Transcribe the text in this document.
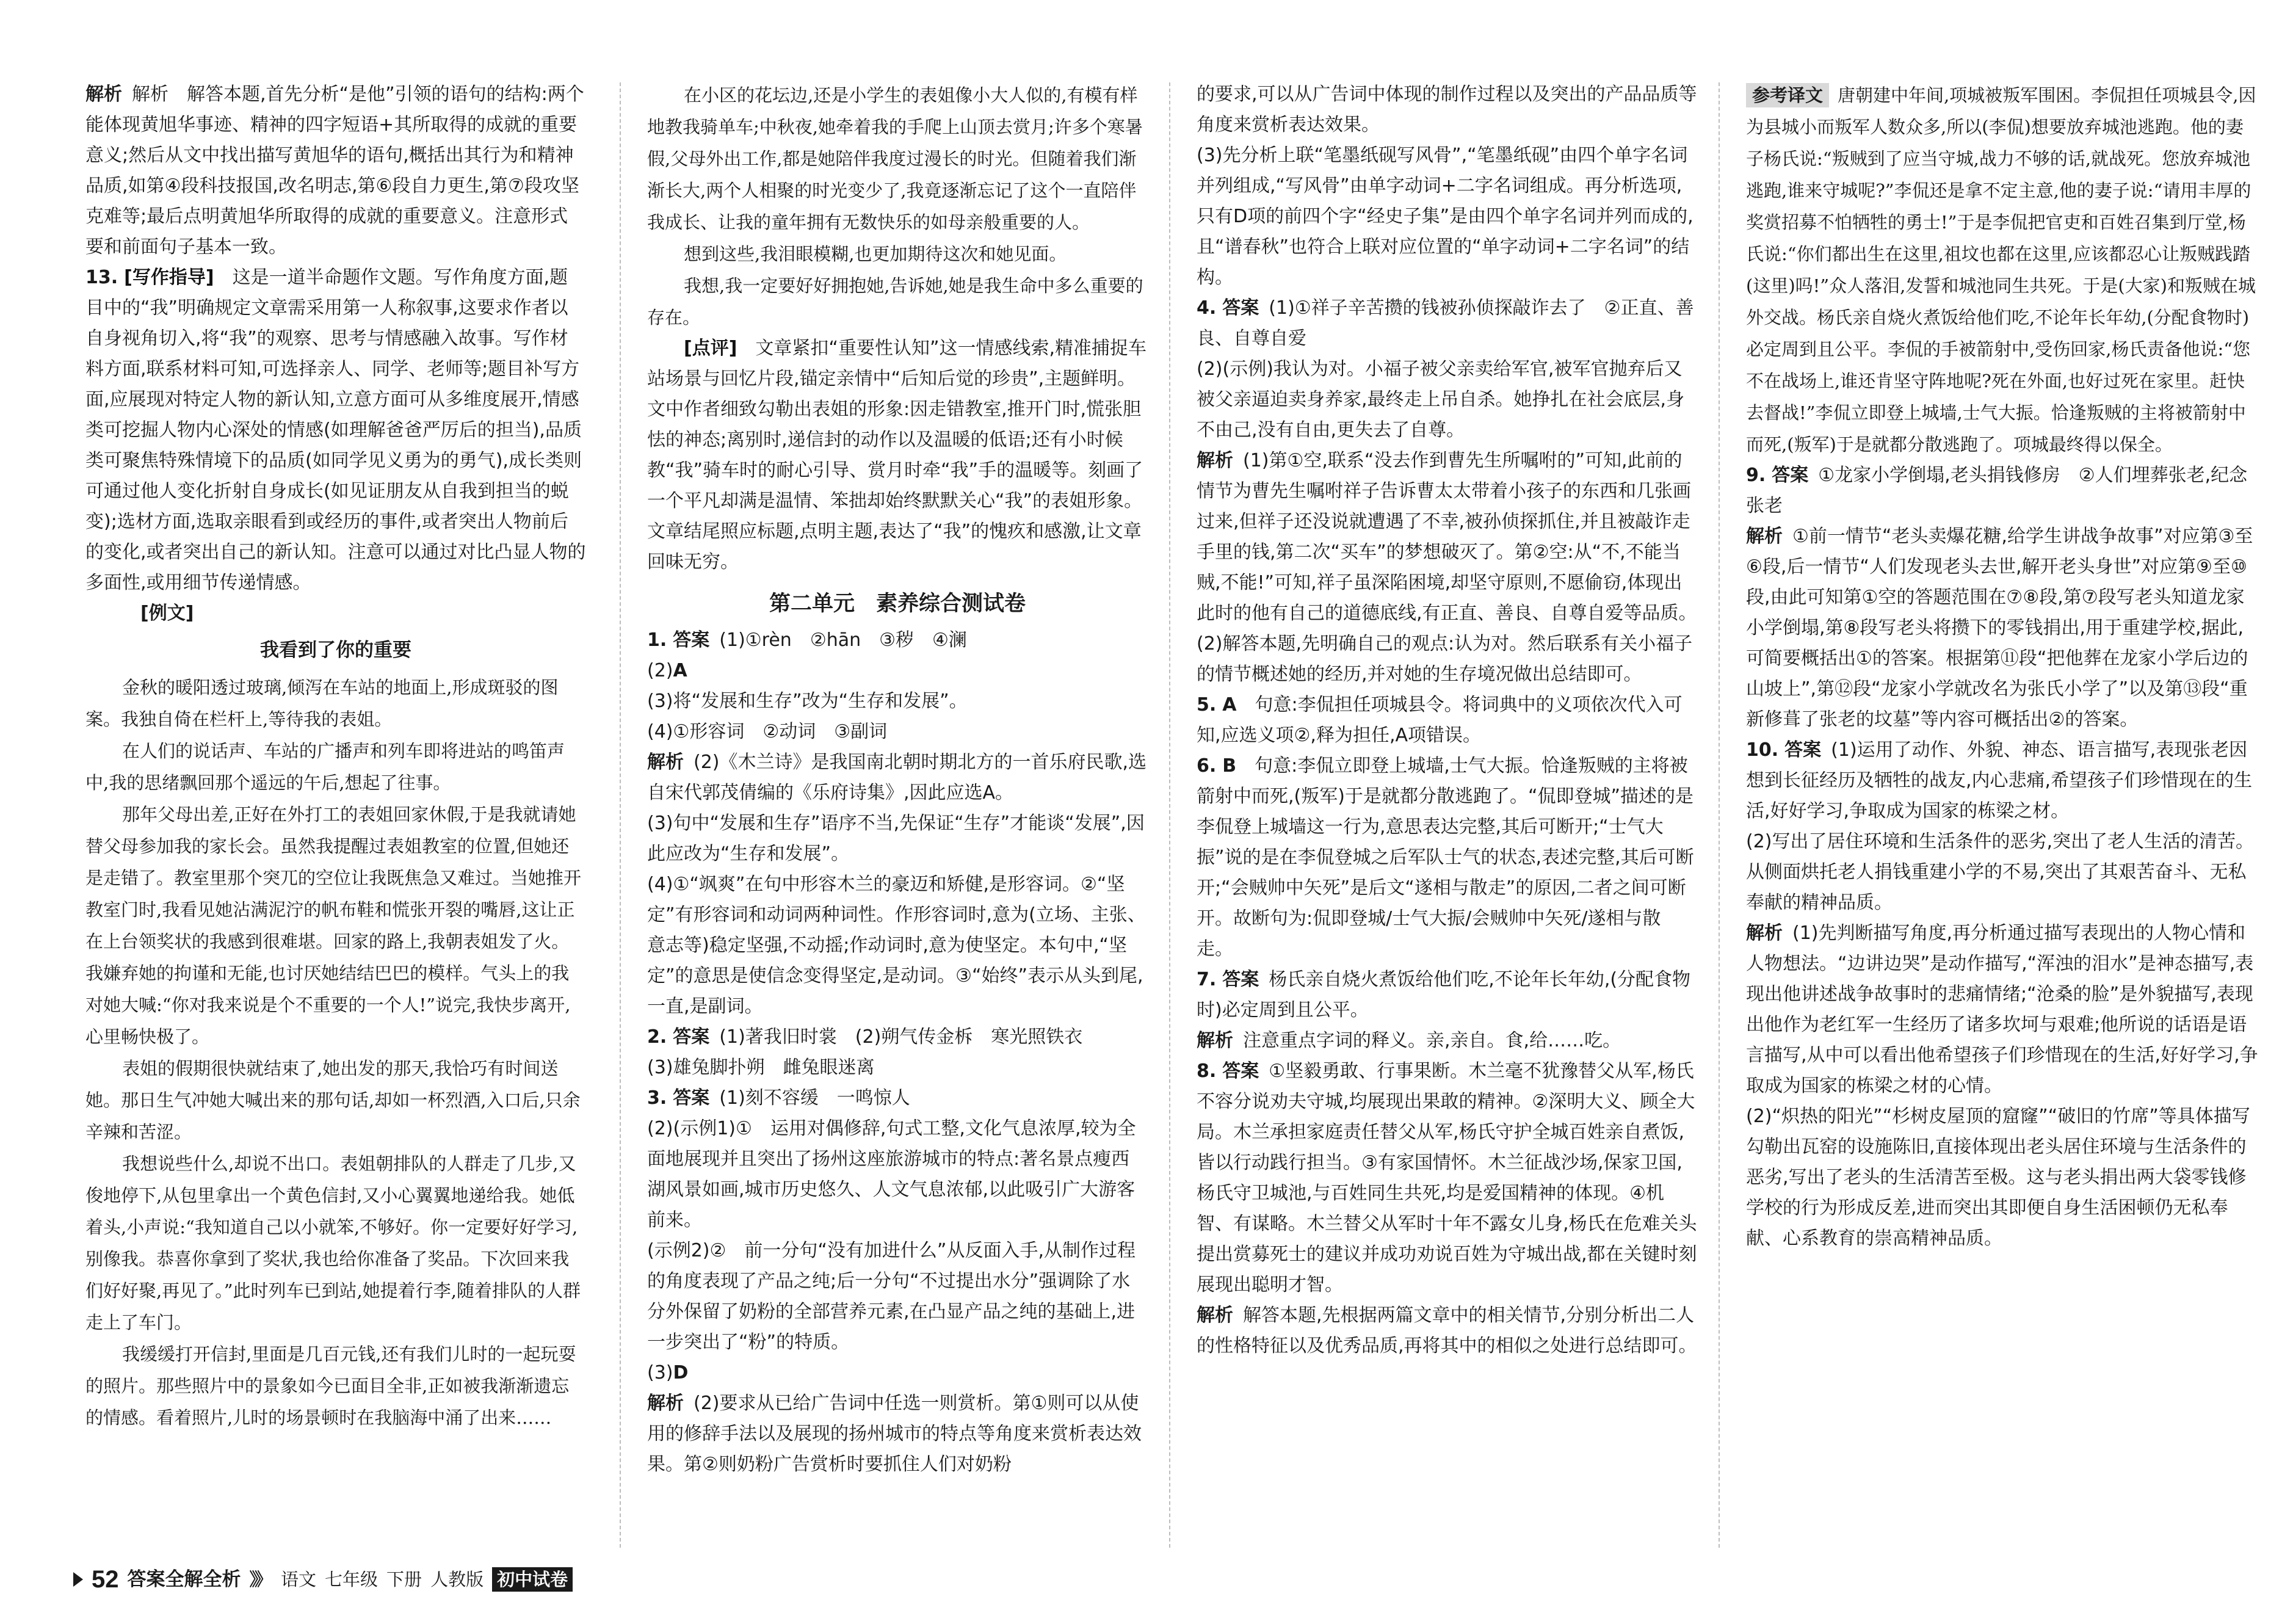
解析 解析　解答本题,首先分析“是他”引领的语句的结构:两个能体现黄旭华事迹、精神的四字短语+其所取得的成就的重要意义;然后从文中找出描写黄旭华的语句,概括出其行为和精神品质,如第④段科技报国,改名明志,第⑥段自力更生,第⑦段攻坚克难等;最后点明黄旭华所取得的成就的重要意义。注意形式要和前面句子基本一致。

13. [写作指导]　 这是一道半命题作文题。写作角度方面,题目中的“我”明确规定文章需采用第一人称叙事,这要求作者以自身视角切入,将“我”的观察、思考与情感融入故事。写作材料方面,联系材料可知,可选择亲人、同学、老师等;题目补写方面,应展现对特定人物的新认知,立意方面可从多维度展开,情感类可挖掘人物内心深处的情感(如理解爸爸严厉后的担当),品质类可聚焦特殊情境下的品质(如同学见义勇为的勇气),成长类则可通过他人变化折射自身成长(如见证朋友从自我到担当的蜕变);选材方面,选取亲眼看到或经历的事件,或者突出人物前后的变化,或者突出自己的新认知。注意可以通过对比凸显人物的多面性,或用细节传递情感。

[例文]

我看到了你的重要

金秋的暖阳透过玻璃,倾泻在车站的地面上,形成斑驳的图案。我独自倚在栏杆上,等待我的表姐。

在人们的说话声、车站的广播声和列车即将进站的鸣笛声中,我的思绪飘回那个遥远的午后,想起了往事。

那年父母出差,正好在外打工的表姐回家休假,于是我就请她替父母参加我的家长会。虽然我提醒过表姐教室的位置,但她还是走错了。教室里那个突兀的空位让我既焦急又难过。当她推开教室门时,我看见她沾满泥泞的帆布鞋和慌张开裂的嘴唇,这让正在上台领奖状的我感到很难堪。回家的路上,我朝表姐发了火。我嫌弃她的拘谨和无能,也讨厌她结结巴巴的模样。气头上的我对她大喊:“你对我来说是个不重要的一个人!”说完,我快步离开,心里畅快极了。

表姐的假期很快就结束了,她出发的那天,我恰巧有时间送她。那日生气冲她大喊出来的那句话,却如一杯烈酒,入口后,只余辛辣和苦涩。

我想说些什么,却说不出口。表姐朝排队的人群走了几步,又俊地停下,从包里拿出一个黄色信封,又小心翼翼地递给我。她低着头,小声说:“我知道自己以小就笨,不够好。你一定要好好学习,别像我。恭喜你拿到了奖状,我也给你准备了奖品。下次回来我们好好聚,再见了。”此时列车已到站,她提着行李,随着排队的人群走上了车门。

我缓缓打开信封,里面是几百元钱,还有我们儿时的一起玩耍的照片。那些照片中的景象如今已面目全非,正如被我渐渐遗忘的情感。看着照片,儿时的场景顿时在我脑海中涌了出来……

在小区的花坛边,还是小学生的表姐像小大人似的,有模有样地教我骑单车;中秋夜,她牵着我的手爬上山顶去赏月;许多个寒暑假,父母外出工作,都是她陪伴我度过漫长的时光。但随着我们渐渐长大,两个人相聚的时光变少了,我竟逐渐忘记了这个一直陪伴我成长、让我的童年拥有无数快乐的如母亲般重要的人。

想到这些,我泪眼模糊,也更加期待这次和她见面。

我想,我一定要好好拥抱她,告诉她,她是我生命中多么重要的存在。

[点评]　 文章紧扣“重要性认知”这一情感线索,精准捕捉车站场景与回忆片段,锚定亲情中“后知后觉的珍贵”,主题鲜明。文中作者细致勾勒出表姐的形象:因走错教室,推开门时,慌张胆怯的神态;离别时,递信封的动作以及温暖的低语;还有小时候教“我”骑车时的耐心引导、赏月时牵“我”手的温暖等。刻画了一个平凡却满是温情、笨拙却始终默默关心“我”的表姐形象。文章结尾照应标题,点明主题,表达了“我”的愧疚和感激,让文章回味无穷。

第二单元　素养综合测试卷

1. 答案 (1)①rèn　②hān　③秽　④澜

(2)A

(3)将“发展和生存”改为“生存和发展”。

(4)①形容词　②动词　③副词

解析 (2)《木兰诗》是我国南北朝时期北方的一首乐府民歌,选自宋代郭茂倩编的《乐府诗集》,因此应选A。

(3)句中“发展和生存”语序不当,先保证“生存”才能谈“发展”,因此应改为“生存和发展”。

(4)①“飒爽”在句中形容木兰的豪迈和矫健,是形容词。②“坚定”有形容词和动词两种词性。作形容词时,意为(立场、主张、意志等)稳定坚强,不动摇;作动词时,意为使坚定。本句中,“坚定”的意思是使信念变得坚定,是动词。③“始终”表示从头到尾,一直,是副词。

2. 答案 (1)著我旧时裳　(2)朔气传金柝　寒光照铁衣

(3)雄兔脚扑朔　雌兔眼迷离

3. 答案 (1)刻不容缓　一鸣惊人

(2)(示例1)①　运用对偶修辞,句式工整,文化气息浓厚,较为全面地展现并且突出了扬州这座旅游城市的特点:著名景点瘦西湖风景如画,城市历史悠久、人文气息浓郁,以此吸引广大游客前来。

(示例2)②　前一分句“没有加进什么”从反面入手,从制作过程的角度表现了产品之纯;后一分句“不过提出水分”强调除了水分外保留了奶粉的全部营养元素,在凸显产品之纯的基础上,进一步突出了“粉”的特质。

(3)D

解析 (2)要求从已给广告词中任选一则赏析。第①则可以从使用的修辞手法以及展现的扬州城市的特点等角度来赏析表达效果。第②则奶粉广告赏析时要抓住人们对奶粉

的要求,可以从广告词中体现的制作过程以及突出的产品品质等角度来赏析表达效果。

(3)先分析上联“笔墨纸砚写风骨”,“笔墨纸砚”由四个单字名词并列组成,“写风骨”由单字动词+二字名词组成。再分析选项,只有D项的前四个字“经史子集”是由四个单字名词并列而成的,且“谱春秋”也符合上联对应位置的“单字动词+二字名词”的结构。

4. 答案 (1)①祥子辛苦攒的钱被孙侦探敲诈去了　②正直、善良、自尊自爱

(2)(示例)我认为对。小福子被父亲卖给军官,被军官抛弃后又被父亲逼迫卖身养家,最终走上吊自杀。她挣扎在社会底层,身不由己,没有自由,更失去了自尊。

解析 (1)第①空,联系“没去作到曹先生所嘱咐的”可知,此前的情节为曹先生嘱咐祥子告诉曹太太带着小孩子的东西和几张画过来,但祥子还没说就遭遇了不幸,被孙侦探抓住,并且被敲诈走手里的钱,第二次“买车”的梦想破灭了。第②空:从“不,不能当贼,不能!”可知,祥子虽深陷困境,却坚守原则,不愿偷窃,体现出此时的他有自己的道德底线,有正直、善良、自尊自爱等品质。

(2)解答本题,先明确自己的观点:认为对。然后联系有关小福子的情节概述她的经历,并对她的生存境况做出总结即可。

5. A　 句意:李侃担任项城县令。将词典中的义项依次代入可知,应选义项②,释为担任,A项错误。

6. B　 句意:李侃立即登上城墙,士气大振。恰逢叛贼的主将被箭射中而死,(叛军)于是就都分散逃跑了。“侃即登城”描述的是李侃登上城墙这一行为,意思表达完整,其后可断开;“士气大振”说的是在李侃登城之后军队士气的状态,表述完整,其后可断开;“会贼帅中矢死”是后文“遂相与散走”的原因,二者之间可断开。故断句为:侃即登城/士气大振/会贼帅中矢死/遂相与散走。

7. 答案 杨氏亲自烧火煮饭给他们吃,不论年长年幼,(分配食物时)必定周到且公平。

解析 注意重点字词的释义。亲,亲自。食,给……吃。

8. 答案 ①坚毅勇敢、行事果断。木兰毫不犹豫替父从军,杨氏不容分说劝夫守城,均展现出果敢的精神。②深明大义、顾全大局。木兰承担家庭责任替父从军,杨氏守护全城百姓亲自煮饭,皆以行动践行担当。③有家国情怀。木兰征战沙场,保家卫国,杨氏守卫城池,与百姓同生共死,均是爱国精神的体现。④机智、有谋略。木兰替父从军时十年不露女儿身,杨氏在危难关头提出赏募死士的建议并成功劝说百姓为守城出战,都在关键时刻展现出聪明才智。

解析 解答本题,先根据两篇文章中的相关情节,分别分析出二人的性格特征以及优秀品质,再将其中的相似之处进行总结即可。

参考译文 唐朝建中年间,项城被叛军围困。李侃担任项城县令,因为县城小而叛军人数众多,所以(李侃)想要放弃城池逃跑。他的妻子杨氏说:“叛贼到了应当守城,战力不够的话,就战死。您放弃城池逃跑,谁来守城呢?”李侃还是拿不定主意,他的妻子说:“请用丰厚的奖赏招募不怕牺牲的勇士!”于是李侃把官吏和百姓召集到厅堂,杨氏说:“你们都出生在这里,祖坟也都在这里,应该都忍心让叛贼践踏(这里)吗!”众人落泪,发誓和城池同生共死。于是(大家)和叛贼在城外交战。杨氏亲自烧火煮饭给他们吃,不论年长年幼,(分配食物时)必定周到且公平。李侃的手被箭射中,受伤回家,杨氏责备他说:“您不在战场上,谁还肯坚守阵地呢?死在外面,也好过死在家里。赶快去督战!”李侃立即登上城墙,士气大振。恰逢叛贼的主将被箭射中而死,(叛军)于是就都分散逃跑了。项城最终得以保全。

9. 答案 ①龙家小学倒塌,老头捐钱修房　②人们埋葬张老,纪念张老

解析 ①前一情节“老头卖爆花糖,给学生讲战争故事”对应第③至⑥段,后一情节“人们发现老头去世,解开老头身世”对应第⑨至⑩段,由此可知第①空的答题范围在⑦⑧段,第⑦段写老头知道龙家小学倒塌,第⑧段写老头将攒下的零钱捐出,用于重建学校,据此,可简要概括出①的答案。根据第⑪段“把他葬在龙家小学后边的山坡上”,第⑫段“龙家小学就改名为张氏小学了”以及第⑬段“重新修葺了张老的坟墓”等内容可概括出②的答案。

10. 答案 (1)运用了动作、外貌、神态、语言描写,表现张老因想到长征经历及牺牲的战友,内心悲痛,希望孩子们珍惜现在的生活,好好学习,争取成为国家的栋梁之材。

(2)写出了居住环境和生活条件的恶劣,突出了老人生活的清苦。从侧面烘托老人捐钱重建小学的不易,突出了其艰苦奋斗、无私奉献的精神品质。

解析 (1)先判断描写角度,再分析通过描写表现出的人物心情和人物想法。“边讲边哭”是动作描写,“浑浊的泪水”是神态描写,表现出他讲述战争故事时的悲痛情绪;“沧桑的脸”是外貌描写,表现出他作为老红军一生经历了诸多坎坷与艰难;他所说的话语是语言描写,从中可以看出他希望孩子们珍惜现在的生活,好好学习,争取成为国家的栋梁之材的心情。

(2)“炽热的阳光”“杉树皮屋顶的窟窿”“破旧的竹席”等具体描写勾勒出瓦窑的设施陈旧,直接体现出老头居住环境与生活条件的恶劣,写出了老头的生活清苦至极。这与老头捐出两大袋零钱修学校的行为形成反差,进而突出其即便自身生活困顿仍无私奉献、心系教育的崇高精神品质。

52 答案全解全析 》》 语文 七年级 下册 人教版 初中试卷
